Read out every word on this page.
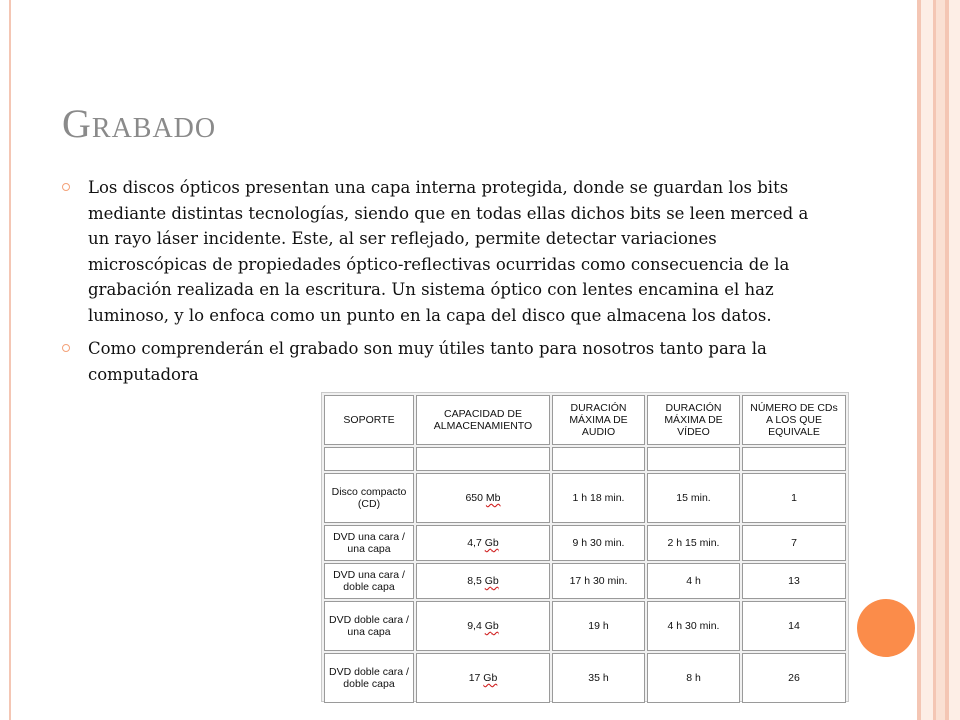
Grabado
Los discos ópticos presentan una capa interna protegida, donde se guardan los bits mediante distintas tecnologías, siendo que en todas ellas dichos bits se leen merced a un rayo láser incidente. Este, al ser reflejado, permite detectar variaciones microscópicas de propiedades óptico-reflectivas ocurridas como consecuencia de la grabación realizada en la escritura. Un sistema óptico con lentes encamina el haz luminoso, y lo enfoca como un punto en la capa del disco que almacena los datos.
Como comprenderán el grabado son muy útiles tanto para nosotros tanto para la computadora
SOPORTE	CAPACIDAD DE ALMACENAMIENTO	DURACIÓN MÁXIMA DE AUDIO	DURACIÓN MÁXIMA DE VÍDEO	NÚMERO DE CDs A LOS QUE EQUIVALE

Disco compacto (CD)	650 Mb	1 h 18 min.	15 min.	1
DVD una cara / una capa	4,7 Gb	9 h 30 min.	2 h 15 min.	7
DVD una cara / doble capa	8,5 Gb	17 h 30 min.	4 h	13
DVD doble cara / una capa	9,4 Gb	19 h	4 h 30 min.	14
DVD doble cara / doble capa	17 Gb	35 h	8 h	26
